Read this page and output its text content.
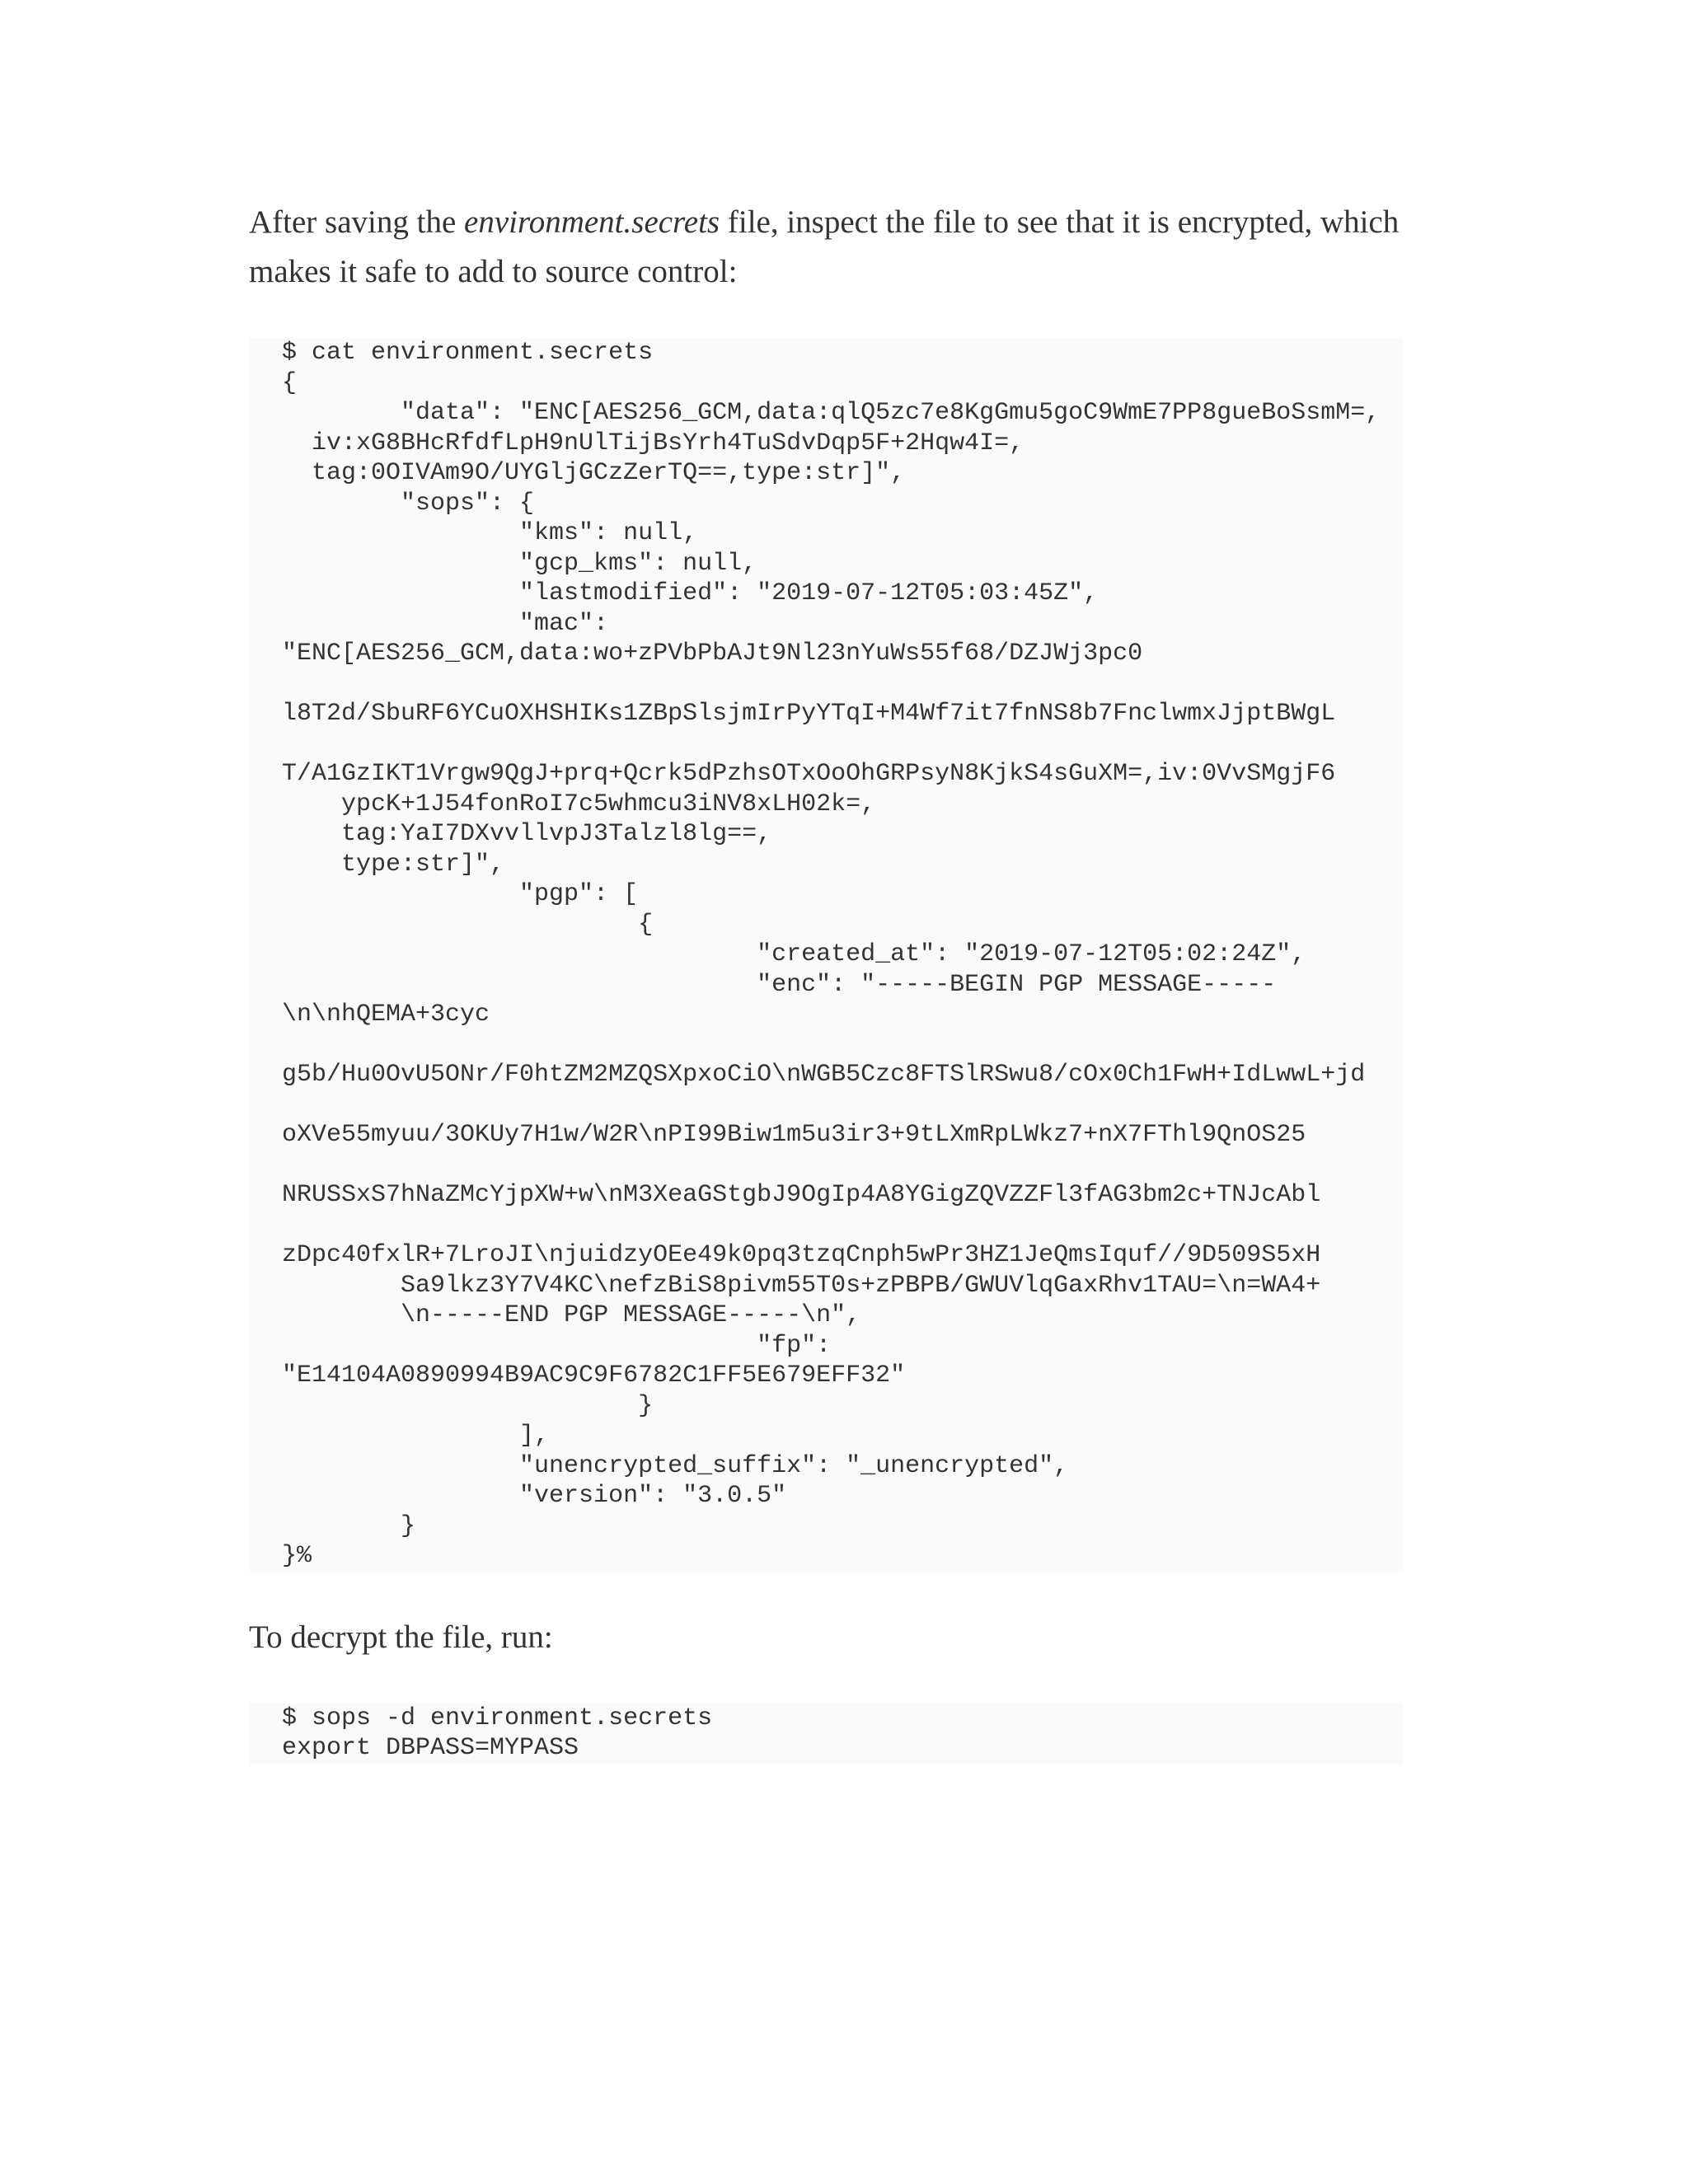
After saving the environment.secrets file, inspect the file to see that it is encrypted, which makes it safe to add to source control:

$ cat environment.secrets
{
	"data": "ENC[AES256_GCM,data:qlQ5zc7e8KgGmu5goC9WmE7PP8gueBoSsmM=,
iv:xG8BHcRfdfLpH9nUlTijBsYrh4TuSdvDqp5F+2Hqw4I=,
tag:0OIVAm9O/UYGljGCzZerTQ==,type:str]",
	"sops": {
		"kms": null,
		"gcp_kms": null,
		"lastmodified": "2019-07-12T05:03:45Z",
		"mac":
"ENC[AES256_GCM,data:wo+zPVbPbAJt9Nl23nYuWs55f68/DZJWj3pc0

l8T2d/SbuRF6YCuOXHSHIKs1ZBpSlsjmIrPyYTqI+M4Wf7it7fnNS8b7FnclwmxJjptBWgL

T/A1GzIKT1Vrgw9QgJ+prq+Qcrk5dPzhsOTxOoOhGRPsyN8KjkS4sGuXM=,iv:0VvSMgjF6
ypcK+1J54fonRoI7c5whmcu3iNV8xLH02k=,
tag:YaI7DXvvllvpJ3Talzl8lg==,
type:str]",
		"pgp": [
			{
				"created_at": "2019-07-12T05:02:24Z",
				"enc": "-----BEGIN PGP MESSAGE-----
\n\nhQEMA+3cyc

g5b/Hu0OvU5ONr/F0htZM2MZQSXpxoCiO\nWGB5Czc8FTSlRSwu8/cOx0Ch1FwH+IdLwwL+jd

oXVe55myuu/3OKUy7H1w/W2R\nPI99Biw1m5u3ir3+9tLXmRpLWkz7+nX7FThl9QnOS25

NRUSSxS7hNaZMcYjpXW+w\nM3XeaGStgbJ9OgIp4A8YGigZQVZZFl3fAG3bm2c+TNJcAbl

zDpc40fxlR+7LroJI\njuidzyOEe49k0pq3tzqCnph5wPr3HZ1JeQmsIquf//9D509S5xH
	Sa9lkz3Y7V4KC\nefzBiS8pivm55T0s+zPBPB/GWUVlqGaxRhv1TAU=\n=WA4+
	\n-----END PGP MESSAGE-----\n",
				"fp":
"E14104A0890994B9AC9C9F6782C1FF5E679EFF32"
			}
		],
		"unencrypted_suffix": "_unencrypted",
		"version": "3.0.5"
	}
}%

To decrypt the file, run:

$ sops -d environment.secrets
export DBPASS=MYPASS
